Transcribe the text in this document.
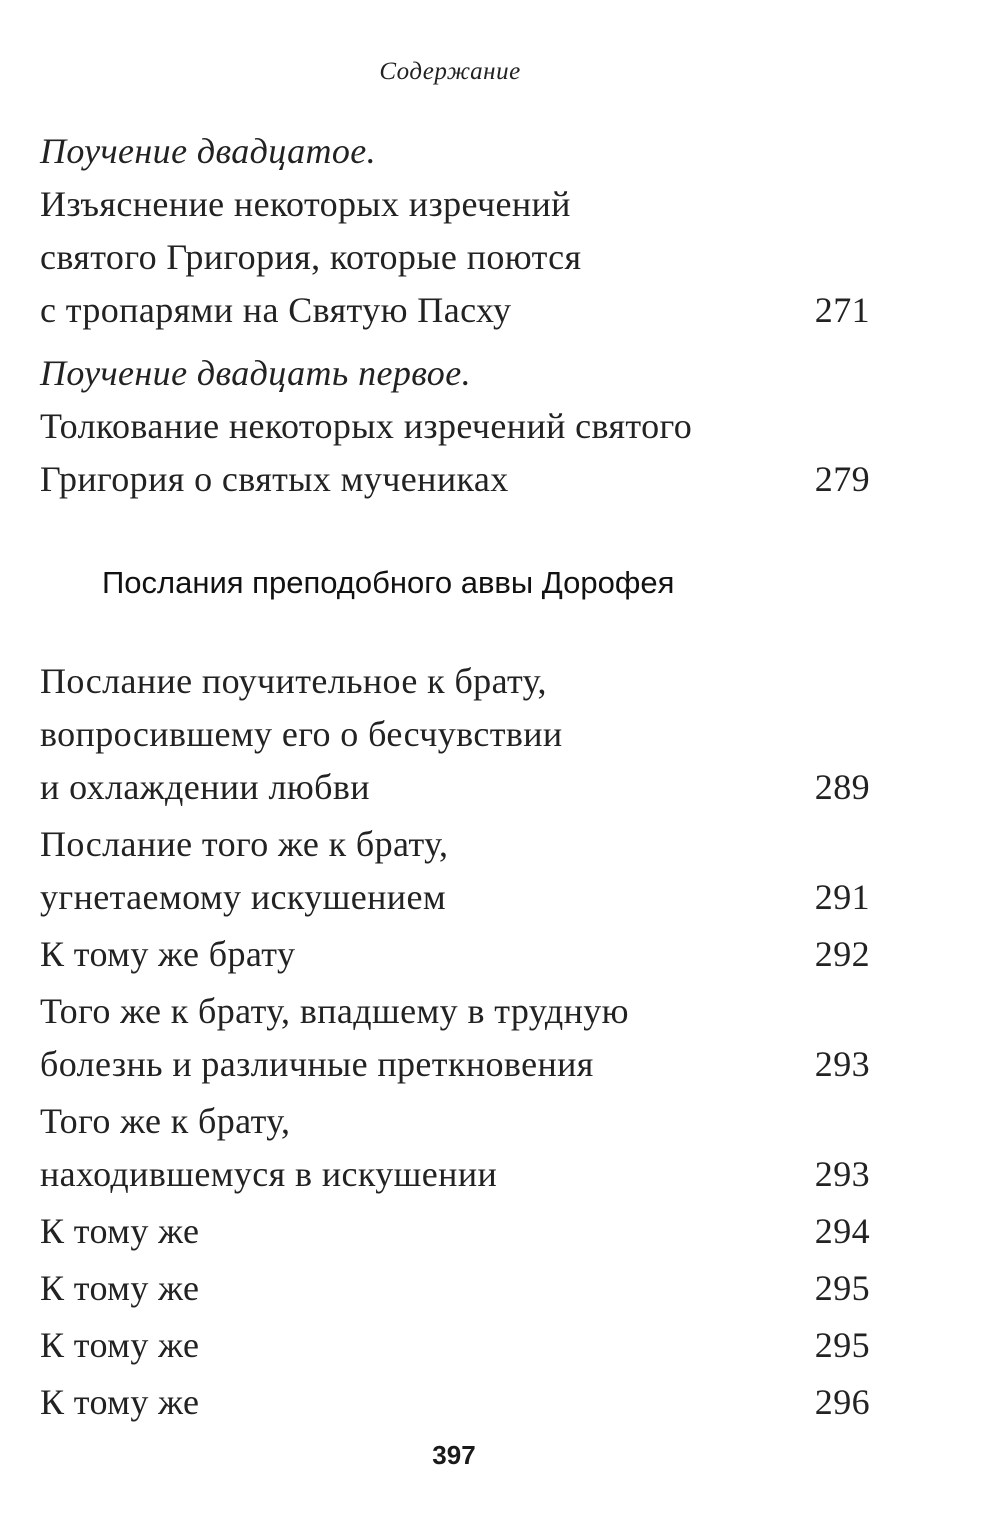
Содержание
Поучение двадцатое.
Изъяснение некоторых изречений
святого Григория, которые поются
с тропарями на Святую Пасху	271
Поучение двадцать первое.
Толкование некоторых изречений святого
Григория о святых мучениках	279
Послания преподобного аввы Дорофея
Послание поучительное к брату,
вопросившему его о бесчувствии
и охлаждении любви	289
Послание того же к брату,
угнетаемому искушением	291
К тому же брату	292
Того же к брату, впадшему в трудную
болезнь и различные преткновения	293
Того же к брату,
находившемуся в искушении	293
К тому же	294
К тому же	295
К тому же	295
К тому же	296
397
